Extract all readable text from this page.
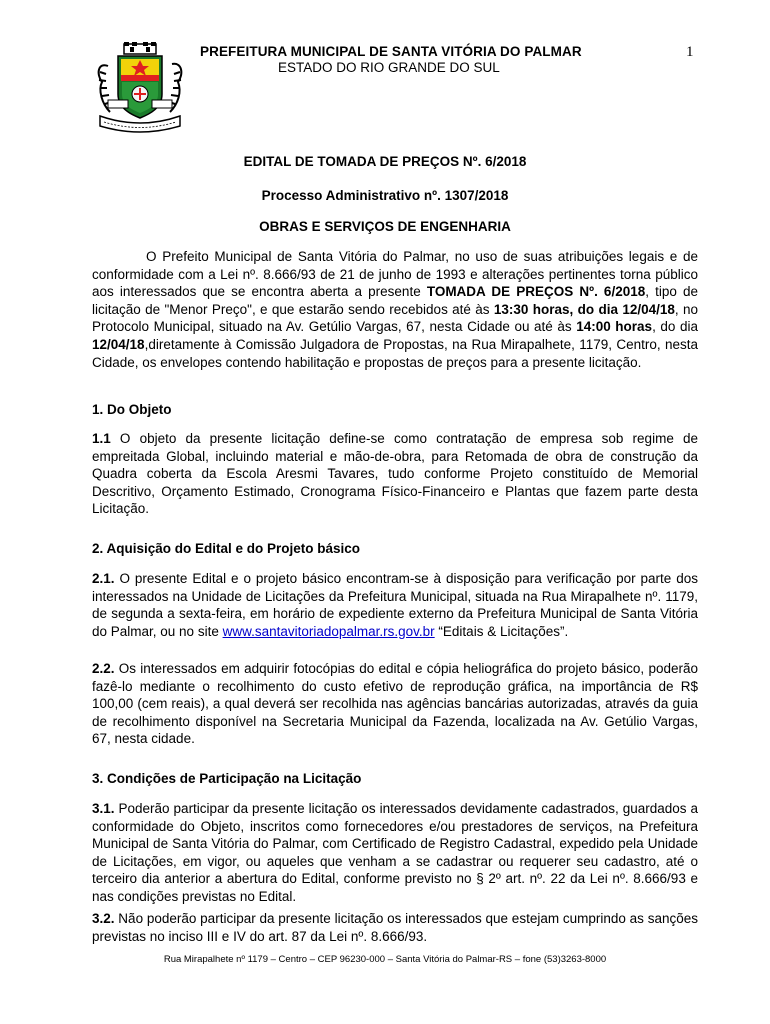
PREFEITURA MUNICIPAL DE SANTA VITÓRIA DO PALMAR
ESTADO DO RIO GRANDE DO SUL
1
EDITAL DE TOMADA DE PREÇOS Nº. 6/2018
Processo Administrativo nº. 1307/2018
OBRAS E SERVIÇOS DE ENGENHARIA
O Prefeito Municipal de Santa Vitória do Palmar, no uso de suas atribuições legais e de conformidade com a Lei nº. 8.666/93 de 21 de junho de 1993 e alterações pertinentes torna público aos interessados que se encontra aberta a presente TOMADA DE PREÇOS Nº. 6/2018, tipo de licitação de "Menor Preço", e que estarão sendo recebidos até às 13:30 horas, do dia 12/04/18, no Protocolo Municipal, situado na Av. Getúlio Vargas, 67, nesta Cidade ou até às 14:00 horas, do dia 12/04/18,diretamente à Comissão Julgadora de Propostas, na Rua Mirapalhete, 1179, Centro, nesta Cidade, os envelopes contendo habilitação e propostas de preços para a presente licitação.
1. Do Objeto
1.1 O objeto da presente licitação define-se como contratação de empresa sob regime de empreitada Global, incluindo material e mão-de-obra, para Retomada de obra de construção da Quadra coberta da Escola Aresmi Tavares, tudo conforme Projeto constituído de Memorial Descritivo, Orçamento Estimado, Cronograma Físico-Financeiro e Plantas que fazem parte desta Licitação.
2. Aquisição do Edital e do Projeto básico
2.1. O presente Edital e o projeto básico encontram-se à disposição para verificação por parte dos interessados na Unidade de Licitações da Prefeitura Municipal, situada na Rua Mirapalhete nº. 1179, de segunda a sexta-feira, em horário de expediente externo da Prefeitura Municipal de Santa Vitória do Palmar, ou no site www.santavitoriadopalmar.rs.gov.br “Editais & Licitações”.
2.2. Os interessados em adquirir fotocópias do edital e cópia heliográfica do projeto básico, poderão fazê-lo mediante o recolhimento do custo efetivo de reprodução gráfica, na importância de R$ 100,00 (cem reais), a qual deverá ser recolhida nas agências bancárias autorizadas, através da guia de recolhimento disponível na Secretaria Municipal da Fazenda, localizada na Av. Getúlio Vargas, 67, nesta cidade.
3. Condições de Participação na Licitação
3.1. Poderão participar da presente licitação os interessados devidamente cadastrados, guardados a conformidade do Objeto, inscritos como fornecedores e/ou prestadores de serviços, na Prefeitura Municipal de Santa Vitória do Palmar, com Certificado de Registro Cadastral, expedido pela Unidade de Licitações, em vigor, ou aqueles que venham a se cadastrar ou requerer seu cadastro, até o terceiro dia anterior a abertura do Edital, conforme previsto no § 2º art. nº. 22 da Lei nº. 8.666/93 e nas condições previstas no Edital.
3.2. Não poderão participar da presente licitação os interessados que estejam cumprindo as sanções previstas no inciso III e IV do art. 87 da Lei nº. 8.666/93.
Rua Mirapalhete nº 1179 – Centro – CEP 96230-000 – Santa Vitória do Palmar-RS – fone (53)3263-8000
